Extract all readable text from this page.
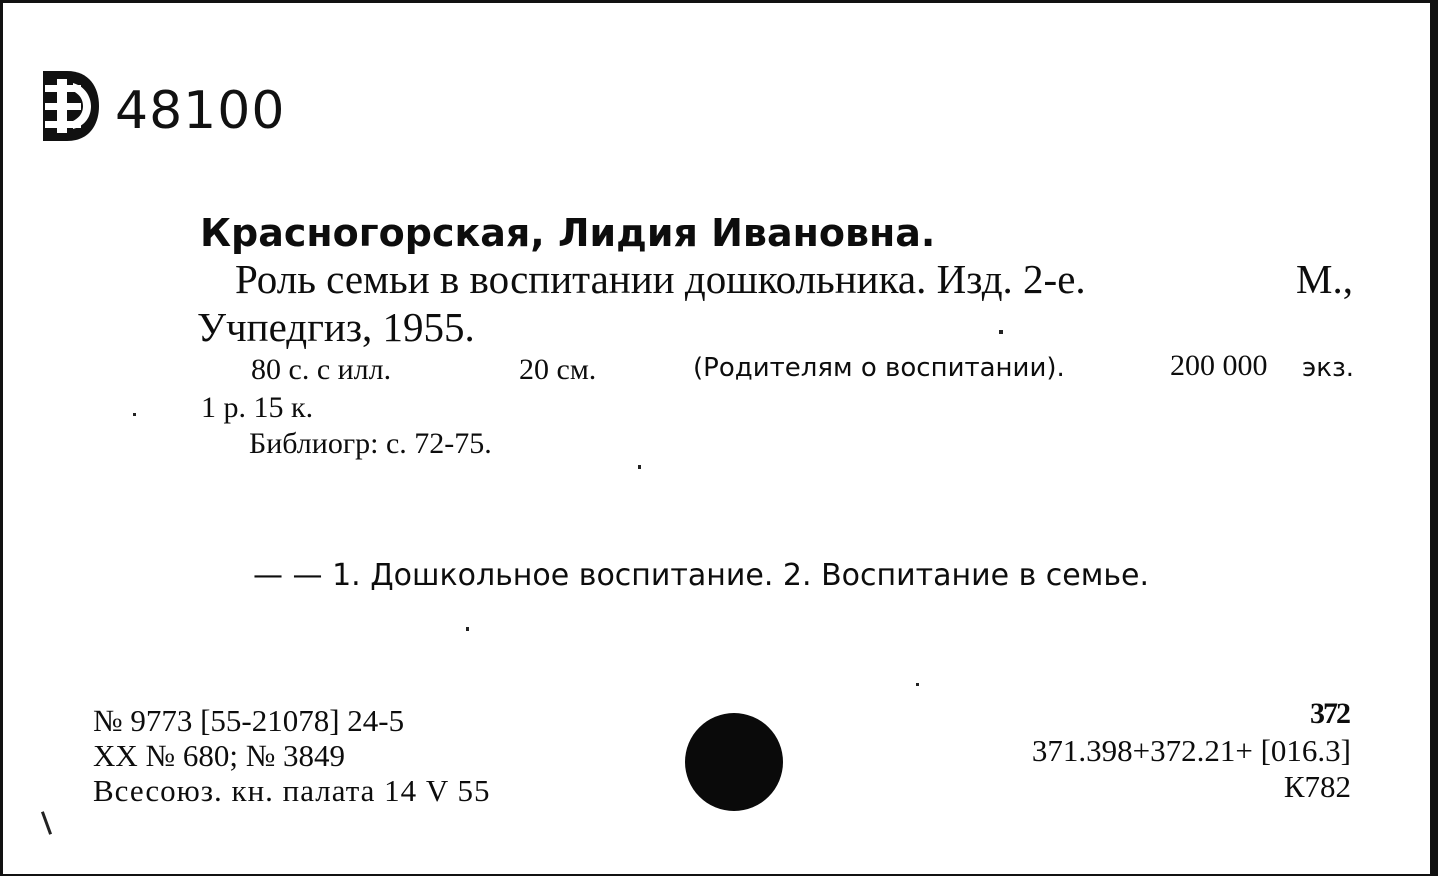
48100
Красногорская, Лидия Ивановна.
Роль семьи в воспитании дошкольника. Изд. 2-е.	М.,
Учпедгиз, 1955.
80 с. с илл.	20 см.	(Родителям о воспитании).	200 000 экз.
1 р. 15 к.
Библиогр: с. 72-75.
— — 1. Дошкольное воспитание. 2. Воспитание в семье.
№ 9773 [55-21078] 24-5
XX № 680; № 3849
Всесоюз. кн. палата 14 V 55
372
371.398+372.21+ [016.3]
К782
